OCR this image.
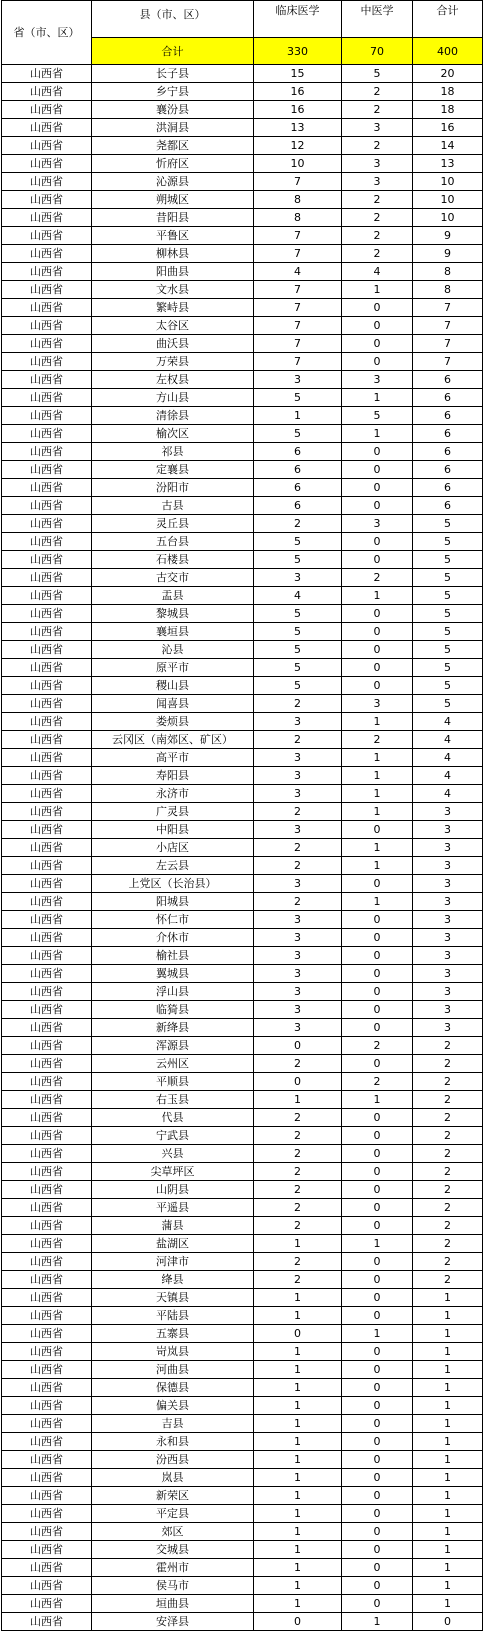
省（市、区）	县（市、区）	临床医学	中医学	合计
	合计	330	70	400
山西省	长子县	15	5	20
山西省	乡宁县	16	2	18
山西省	襄汾县	16	2	18
山西省	洪洞县	13	3	16
山西省	尧都区	12	2	14
山西省	忻府区	10	3	13
山西省	沁源县	7	3	10
山西省	朔城区	8	2	10
山西省	昔阳县	8	2	10
山西省	平鲁区	7	2	9
山西省	柳林县	7	2	9
山西省	阳曲县	4	4	8
山西省	文水县	7	1	8
山西省	繁峙县	7	0	7
山西省	太谷区	7	0	7
山西省	曲沃县	7	0	7
山西省	万荣县	7	0	7
山西省	左权县	3	3	6
山西省	方山县	5	1	6
山西省	清徐县	1	5	6
山西省	榆次区	5	1	6
山西省	祁县	6	0	6
山西省	定襄县	6	0	6
山西省	汾阳市	6	0	6
山西省	古县	6	0	6
山西省	灵丘县	2	3	5
山西省	五台县	5	0	5
山西省	石楼县	5	0	5
山西省	古交市	3	2	5
山西省	盂县	4	1	5
山西省	黎城县	5	0	5
山西省	襄垣县	5	0	5
山西省	沁县	5	0	5
山西省	原平市	5	0	5
山西省	稷山县	5	0	5
山西省	闻喜县	2	3	5
山西省	娄烦县	3	1	4
山西省	云冈区（南郊区、矿区）	2	2	4
山西省	高平市	3	1	4
山西省	寿阳县	3	1	4
山西省	永济市	3	1	4
山西省	广灵县	2	1	3
山西省	中阳县	3	0	3
山西省	小店区	2	1	3
山西省	左云县	2	1	3
山西省	上党区（长治县）	3	0	3
山西省	阳城县	2	1	3
山西省	怀仁市	3	0	3
山西省	介休市	3	0	3
山西省	榆社县	3	0	3
山西省	翼城县	3	0	3
山西省	浮山县	3	0	3
山西省	临猗县	3	0	3
山西省	新绛县	3	0	3
山西省	浑源县	0	2	2
山西省	云州区	2	0	2
山西省	平顺县	0	2	2
山西省	右玉县	1	1	2
山西省	代县	2	0	2
山西省	宁武县	2	0	2
山西省	兴县	2	0	2
山西省	尖草坪区	2	0	2
山西省	山阴县	2	0	2
山西省	平遥县	2	0	2
山西省	蒲县	2	0	2
山西省	盐湖区	1	1	2
山西省	河津市	2	0	2
山西省	绛县	2	0	2
山西省	天镇县	1	0	1
山西省	平陆县	1	0	1
山西省	五寨县	0	1	1
山西省	岢岚县	1	0	1
山西省	河曲县	1	0	1
山西省	保德县	1	0	1
山西省	偏关县	1	0	1
山西省	吉县	1	0	1
山西省	永和县	1	0	1
山西省	汾西县	1	0	1
山西省	岚县	1	0	1
山西省	新荣区	1	0	1
山西省	平定县	1	0	1
山西省	郊区	1	0	1
山西省	交城县	1	0	1
山西省	霍州市	1	0	1
山西省	侯马市	1	0	1
山西省	垣曲县	1	0	1
山西省	安泽县	0	1	0
